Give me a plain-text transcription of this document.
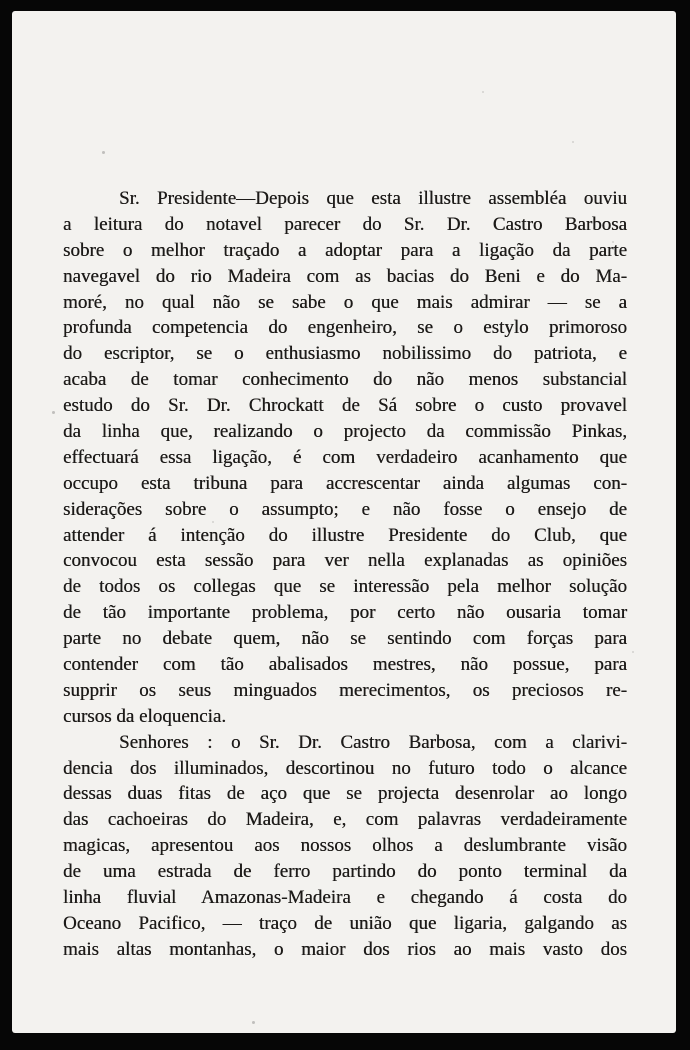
Sr. Presidente—Depois que esta illustre assembléa ouviu
a leitura do notavel parecer do Sr. Dr. Castro Barbosa
sobre o melhor traçado a adoptar para a ligação da parte
navegavel do rio Madeira com as bacias do Beni e do Ma-
moré, no qual não se sabe o que mais admirar — se a
profunda competencia do engenheiro, se o estylo primoroso
do escriptor, se o enthusiasmo nobilissimo do patriota, e
acaba de tomar conhecimento do não menos substancial
estudo do Sr. Dr. Chrockatt de Sá sobre o custo provavel
da linha que, realizando o projecto da commissão Pinkas,
effectuará essa ligação, é com verdadeiro acanhamento que
occupo esta tribuna para accrescentar ainda algumas con-
siderações sobre o assumpto; e não fosse o ensejo de
attender á intenção do illustre Presidente do Club, que
convocou esta sessão para ver nella explanadas as opiniões
de todos os collegas que se interessão pela melhor solução
de tão importante problema, por certo não ousaria tomar
parte no debate quem, não se sentindo com forças para
contender com tão abalisados mestres, não possue, para
supprir os seus minguados merecimentos, os preciosos re-
cursos da eloquencia.
Senhores : o Sr. Dr. Castro Barbosa, com a clarivi-
dencia dos illuminados, descortinou no futuro todo o alcance
dessas duas fitas de aço que se projecta desenrolar ao longo
das cachoeiras do Madeira, e, com palavras verdadeiramente
magicas, apresentou aos nossos olhos a deslumbrante visão
de uma estrada de ferro partindo do ponto terminal da
linha fluvial Amazonas-Madeira e chegando á costa do
Oceano Pacifico, — traço de união que ligaria, galgando as
mais altas montanhas, o maior dos rios ao mais vasto dos
